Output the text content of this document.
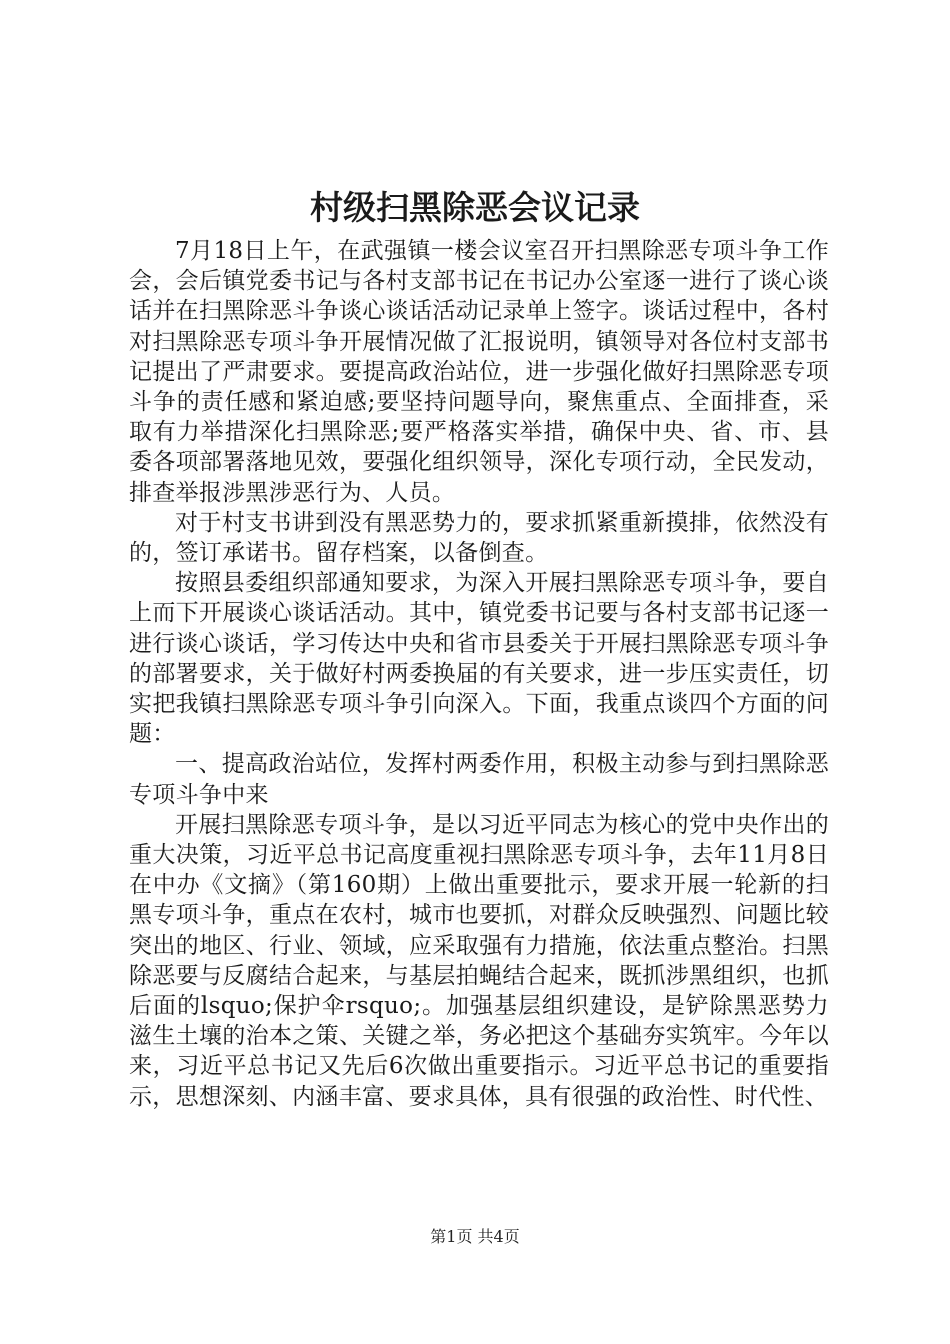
村级扫黑除恶会议记录

7月18日上午，在武强镇一楼会议室召开扫黑除恶专项斗争工作会，会后镇党委书记与各村支部书记在书记办公室逐一进行了谈心谈话并在扫黑除恶斗争谈心谈话活动记录单上签字。谈话过程中，各村对扫黑除恶专项斗争开展情况做了汇报说明，镇领导对各位村支部书记提出了严肃要求。要提高政治站位，进一步强化做好扫黑除恶专项斗争的责任感和紧迫感;要坚持问题导向，聚焦重点、全面排查，采取有力举措深化扫黑除恶;要严格落实举措，确保中央、省、市、县委各项部署落地见效，要强化组织领导，深化专项行动，全民发动，排查举报涉黑涉恶行为、人员。

对于村支书讲到没有黑恶势力的，要求抓紧重新摸排，依然没有的，签订承诺书。留存档案，以备倒查。

按照县委组织部通知要求，为深入开展扫黑除恶专项斗争，要自上而下开展谈心谈话活动。其中，镇党委书记要与各村支部书记逐一进行谈心谈话，学习传达中央和省市县委关于开展扫黑除恶专项斗争的部署要求，关于做好村两委换届的有关要求，进一步压实责任，切实把我镇扫黑除恶专项斗争引向深入。下面，我重点谈四个方面的问题：

一、提高政治站位，发挥村两委作用，积极主动参与到扫黑除恶专项斗争中来

开展扫黑除恶专项斗争，是以习近平同志为核心的党中央作出的重大决策，习近平总书记高度重视扫黑除恶专项斗争，去年11月8日在中办《文摘》（第160期）上做出重要批示，要求开展一轮新的扫黑专项斗争，重点在农村，城市也要抓，对群众反映强烈、问题比较突出的地区、行业、领域，应采取强有力措施，依法重点整治。扫黑除恶要与反腐结合起来，与基层拍蝇结合起来，既抓涉黑组织，也抓后面的lsquo;保护伞rsquo;。加强基层组织建设，是铲除黑恶势力滋生土壤的治本之策、关键之举，务必把这个基础夯实筑牢。今年以来，习近平总书记又先后6次做出重要指示。习近平总书记的重要指示，思想深刻、内涵丰富、要求具体，具有很强的政治性、时代性、

第1页 共4页
